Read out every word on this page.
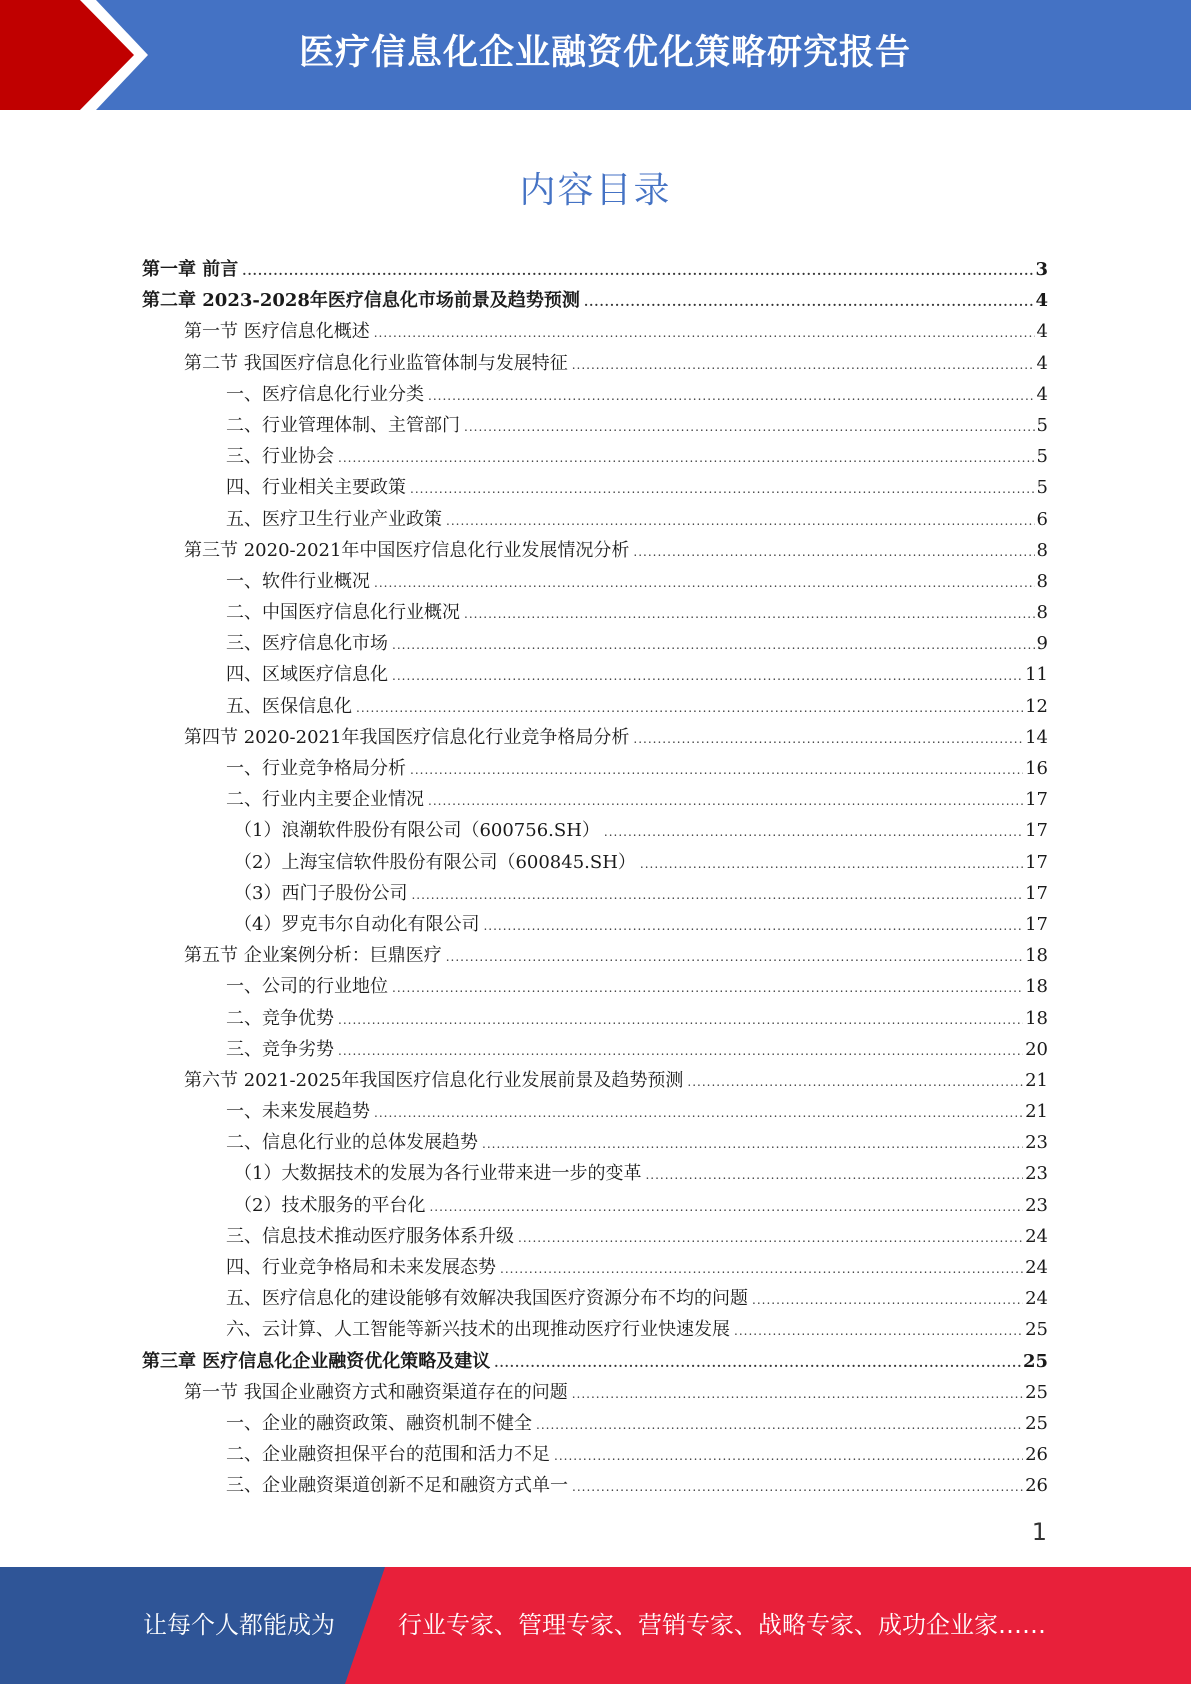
医疗信息化企业融资优化策略研究报告
内容目录
第一章 前言 .....	3
第二章 2023-2028年医疗信息化市场前景及趋势预测 .....	4
第一节 医疗信息化概述 .....	4
第二节 我国医疗信息化行业监管体制与发展特征 .....	4
一、医疗信息化行业分类 .....	4
二、行业管理体制、主管部门 .....	5
三、行业协会 .....	5
四、行业相关主要政策 .....	5
五、医疗卫生行业产业政策 .....	6
第三节 2020-2021年中国医疗信息化行业发展情况分析 .....	8
一、软件行业概况 .....	8
二、中国医疗信息化行业概况 .....	8
三、医疗信息化市场 .....	9
四、区域医疗信息化 .....	11
五、医保信息化 .....	12
第四节 2020-2021年我国医疗信息化行业竞争格局分析 .....	14
一、行业竞争格局分析 .....	16
二、行业内主要企业情况 .....	17
（1）浪潮软件股份有限公司（600756.SH） .....	17
（2）上海宝信软件股份有限公司（600845.SH） .....	17
（3）西门子股份公司 .....	17
（4）罗克韦尔自动化有限公司 .....	17
第五节 企业案例分析：巨鼎医疗 .....	18
一、公司的行业地位 .....	18
二、竞争优势 .....	18
三、竞争劣势 .....	20
第六节 2021-2025年我国医疗信息化行业发展前景及趋势预测 .....	21
一、未来发展趋势 .....	21
二、信息化行业的总体发展趋势 .....	23
（1）大数据技术的发展为各行业带来进一步的变革 .....	23
（2）技术服务的平台化 .....	23
三、信息技术推动医疗服务体系升级 .....	24
四、行业竞争格局和未来发展态势 .....	24
五、医疗信息化的建设能够有效解决我国医疗资源分布不均的问题 .....	24
六、云计算、人工智能等新兴技术的出现推动医疗行业快速发展 .....	25
第三章 医疗信息化企业融资优化策略及建议 .....	25
第一节 我国企业融资方式和融资渠道存在的问题 .....	25
一、企业的融资政策、融资机制不健全 .....	25
二、企业融资担保平台的范围和活力不足 .....	26
三、企业融资渠道创新不足和融资方式单一 .....	26
1
让每个人都能成为	行业专家、管理专家、营销专家、战略专家、成功企业家……
